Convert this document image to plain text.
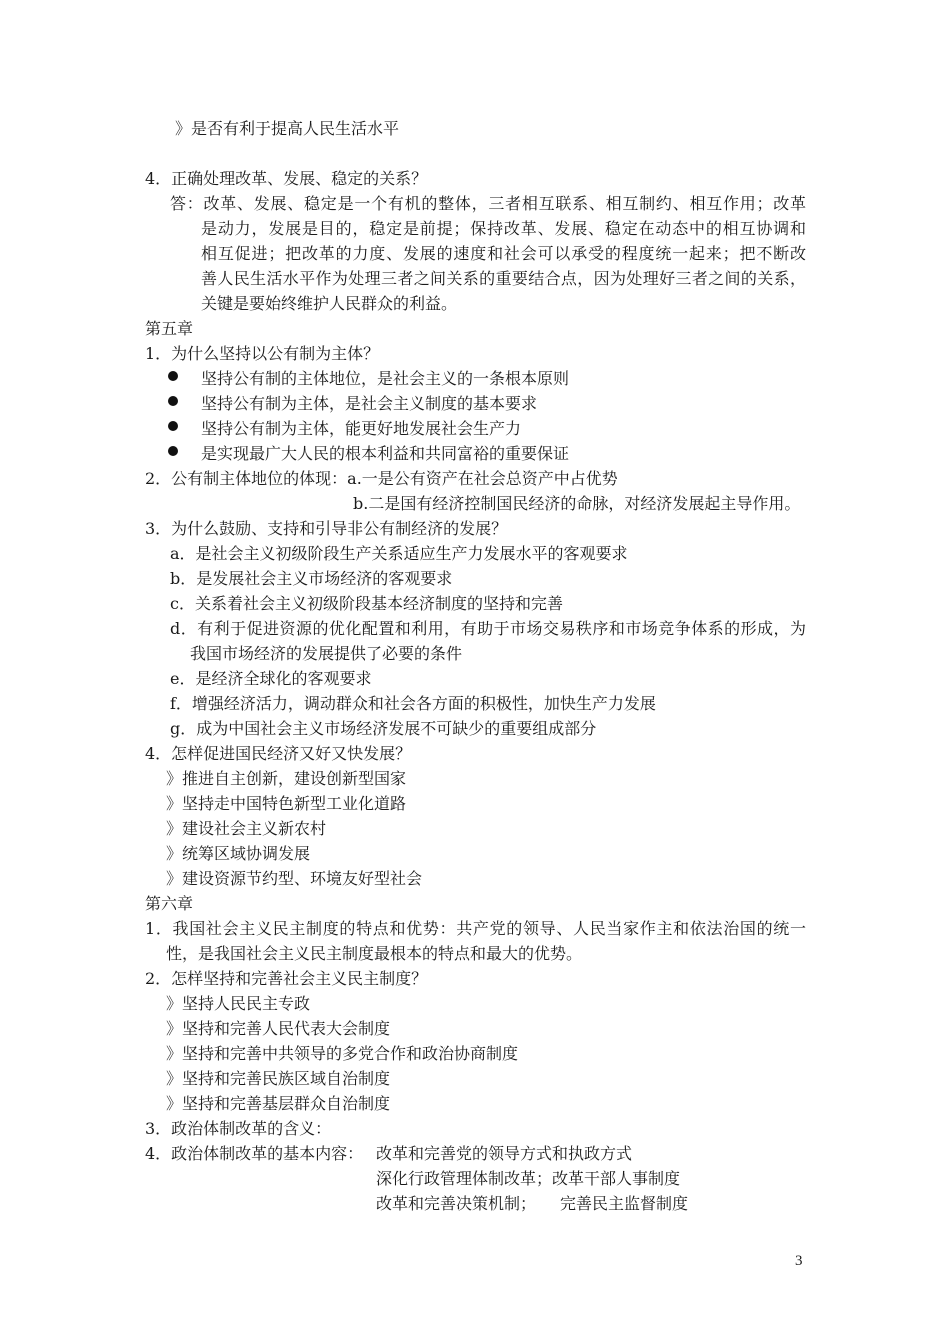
》是否有利于提高人民生活水平
4．正确处理改革、发展、稳定的关系？
答：改革、发展、稳定是一个有机的整体，三者相互联系、相互制约、相互作用；改革
是动力，发展是目的，稳定是前提；保持改革、发展、稳定在动态中的相互协调和
相互促进；把改革的力度、发展的速度和社会可以承受的程度统一起来；把不断改
善人民生活水平作为处理三者之间关系的重要结合点，因为处理好三者之间的关系，
关键是要始终维护人民群众的利益。
第五章
1．为什么坚持以公有制为主体？
坚持公有制的主体地位，是社会主义的一条根本原则
坚持公有制为主体，是社会主义制度的基本要求
坚持公有制为主体，能更好地发展社会生产力
是实现最广大人民的根本利益和共同富裕的重要保证
2．公有制主体地位的体现：a.一是公有资产在社会总资产中占优势
b.二是国有经济控制国民经济的命脉，对经济发展起主导作用。
3．为什么鼓励、支持和引导非公有制经济的发展？
a．是社会主义初级阶段生产关系适应生产力发展水平的客观要求
b．是发展社会主义市场经济的客观要求
c．关系着社会主义初级阶段基本经济制度的坚持和完善
d．有利于促进资源的优化配置和利用，有助于市场交易秩序和市场竞争体系的形成，为
我国市场经济的发展提供了必要的条件
e．是经济全球化的客观要求
f．增强经济活力，调动群众和社会各方面的积极性，加快生产力发展
g．成为中国社会主义市场经济发展不可缺少的重要组成部分
4．怎样促进国民经济又好又快发展？
》推进自主创新，建设创新型国家
》坚持走中国特色新型工业化道路
》建设社会主义新农村
》统筹区域协调发展
》建设资源节约型、环境友好型社会
第六章
1．我国社会主义民主制度的特点和优势：共产党的领导、人民当家作主和依法治国的统一
性，是我国社会主义民主制度最根本的特点和最大的优势。
2．怎样坚持和完善社会主义民主制度？
》坚持人民民主专政
》坚持和完善人民代表大会制度
》坚持和完善中共领导的多党合作和政治协商制度
》坚持和完善民族区域自治制度
》坚持和完善基层群众自治制度
3．政治体制改革的含义：
4．政治体制改革的基本内容： 改革和完善党的领导方式和执政方式
深化行政管理体制改革；改革干部人事制度
改革和完善决策机制； 完善民主监督制度
3
